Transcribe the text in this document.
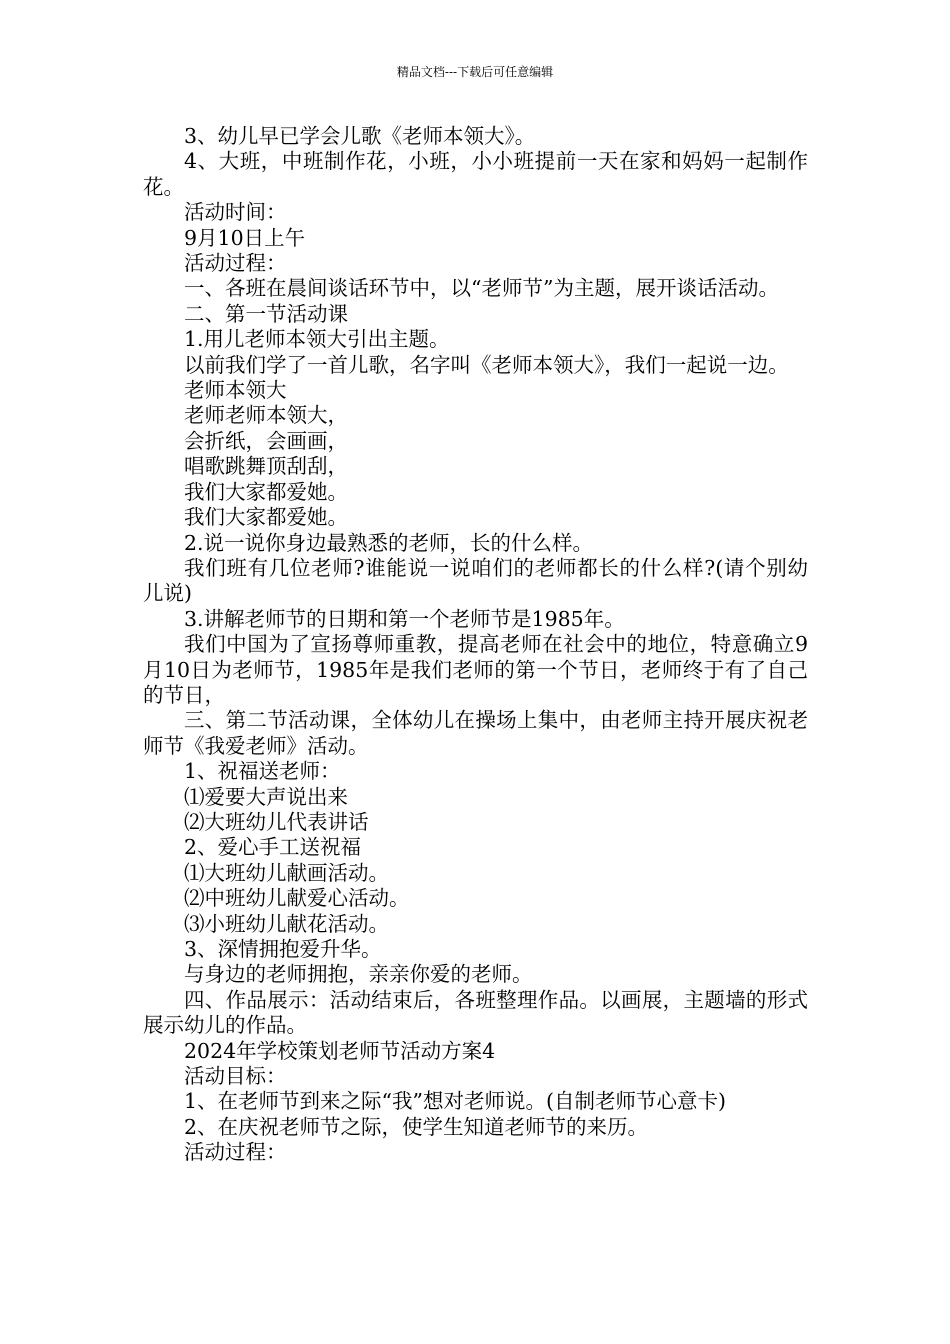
精品文档---下载后可任意编辑

3、幼儿早已学会儿歌《老师本领大》。

4、大班，中班制作花，小班，小小班提前一天在家和妈妈一起制作花。

活动时间：

9月10日上午

活动过程：

一、各班在晨间谈话环节中，以“老师节”为主题，展开谈话活动。

二、第一节活动课

1.用儿老师本领大引出主题。

以前我们学了一首儿歌，名字叫《老师本领大》，我们一起说一边。

老师本领大

老师老师本领大，

会折纸，会画画，

唱歌跳舞顶刮刮，

我们大家都爱她。

我们大家都爱她。

2.说一说你身边最熟悉的老师，长的什么样。

我们班有几位老师?谁能说一说咱们的老师都长的什么样?(请个别幼儿说)

3.讲解老师节的日期和第一个老师节是1985年。

我们中国为了宣扬尊师重教，提高老师在社会中的地位，特意确立9月10日为老师节，1985年是我们老师的第一个节日，老师终于有了自己的节日，

三、第二节活动课，全体幼儿在操场上集中，由老师主持开展庆祝老师节《我爱老师》活动。

1、祝福送老师：

⑴爱要大声说出来

⑵大班幼儿代表讲话

2、爱心手工送祝福

⑴大班幼儿献画活动。

⑵中班幼儿献爱心活动。

⑶小班幼儿献花活动。

3、深情拥抱爱升华。

与身边的老师拥抱，亲亲你爱的老师。

四、作品展示：活动结束后，各班整理作品。以画展，主题墙的形式展示幼儿的作品。

2024年学校策划老师节活动方案4

活动目标：

1、在老师节到来之际“我”想对老师说。(自制老师节心意卡)

2、在庆祝老师节之际，使学生知道老师节的来历。

活动过程：
